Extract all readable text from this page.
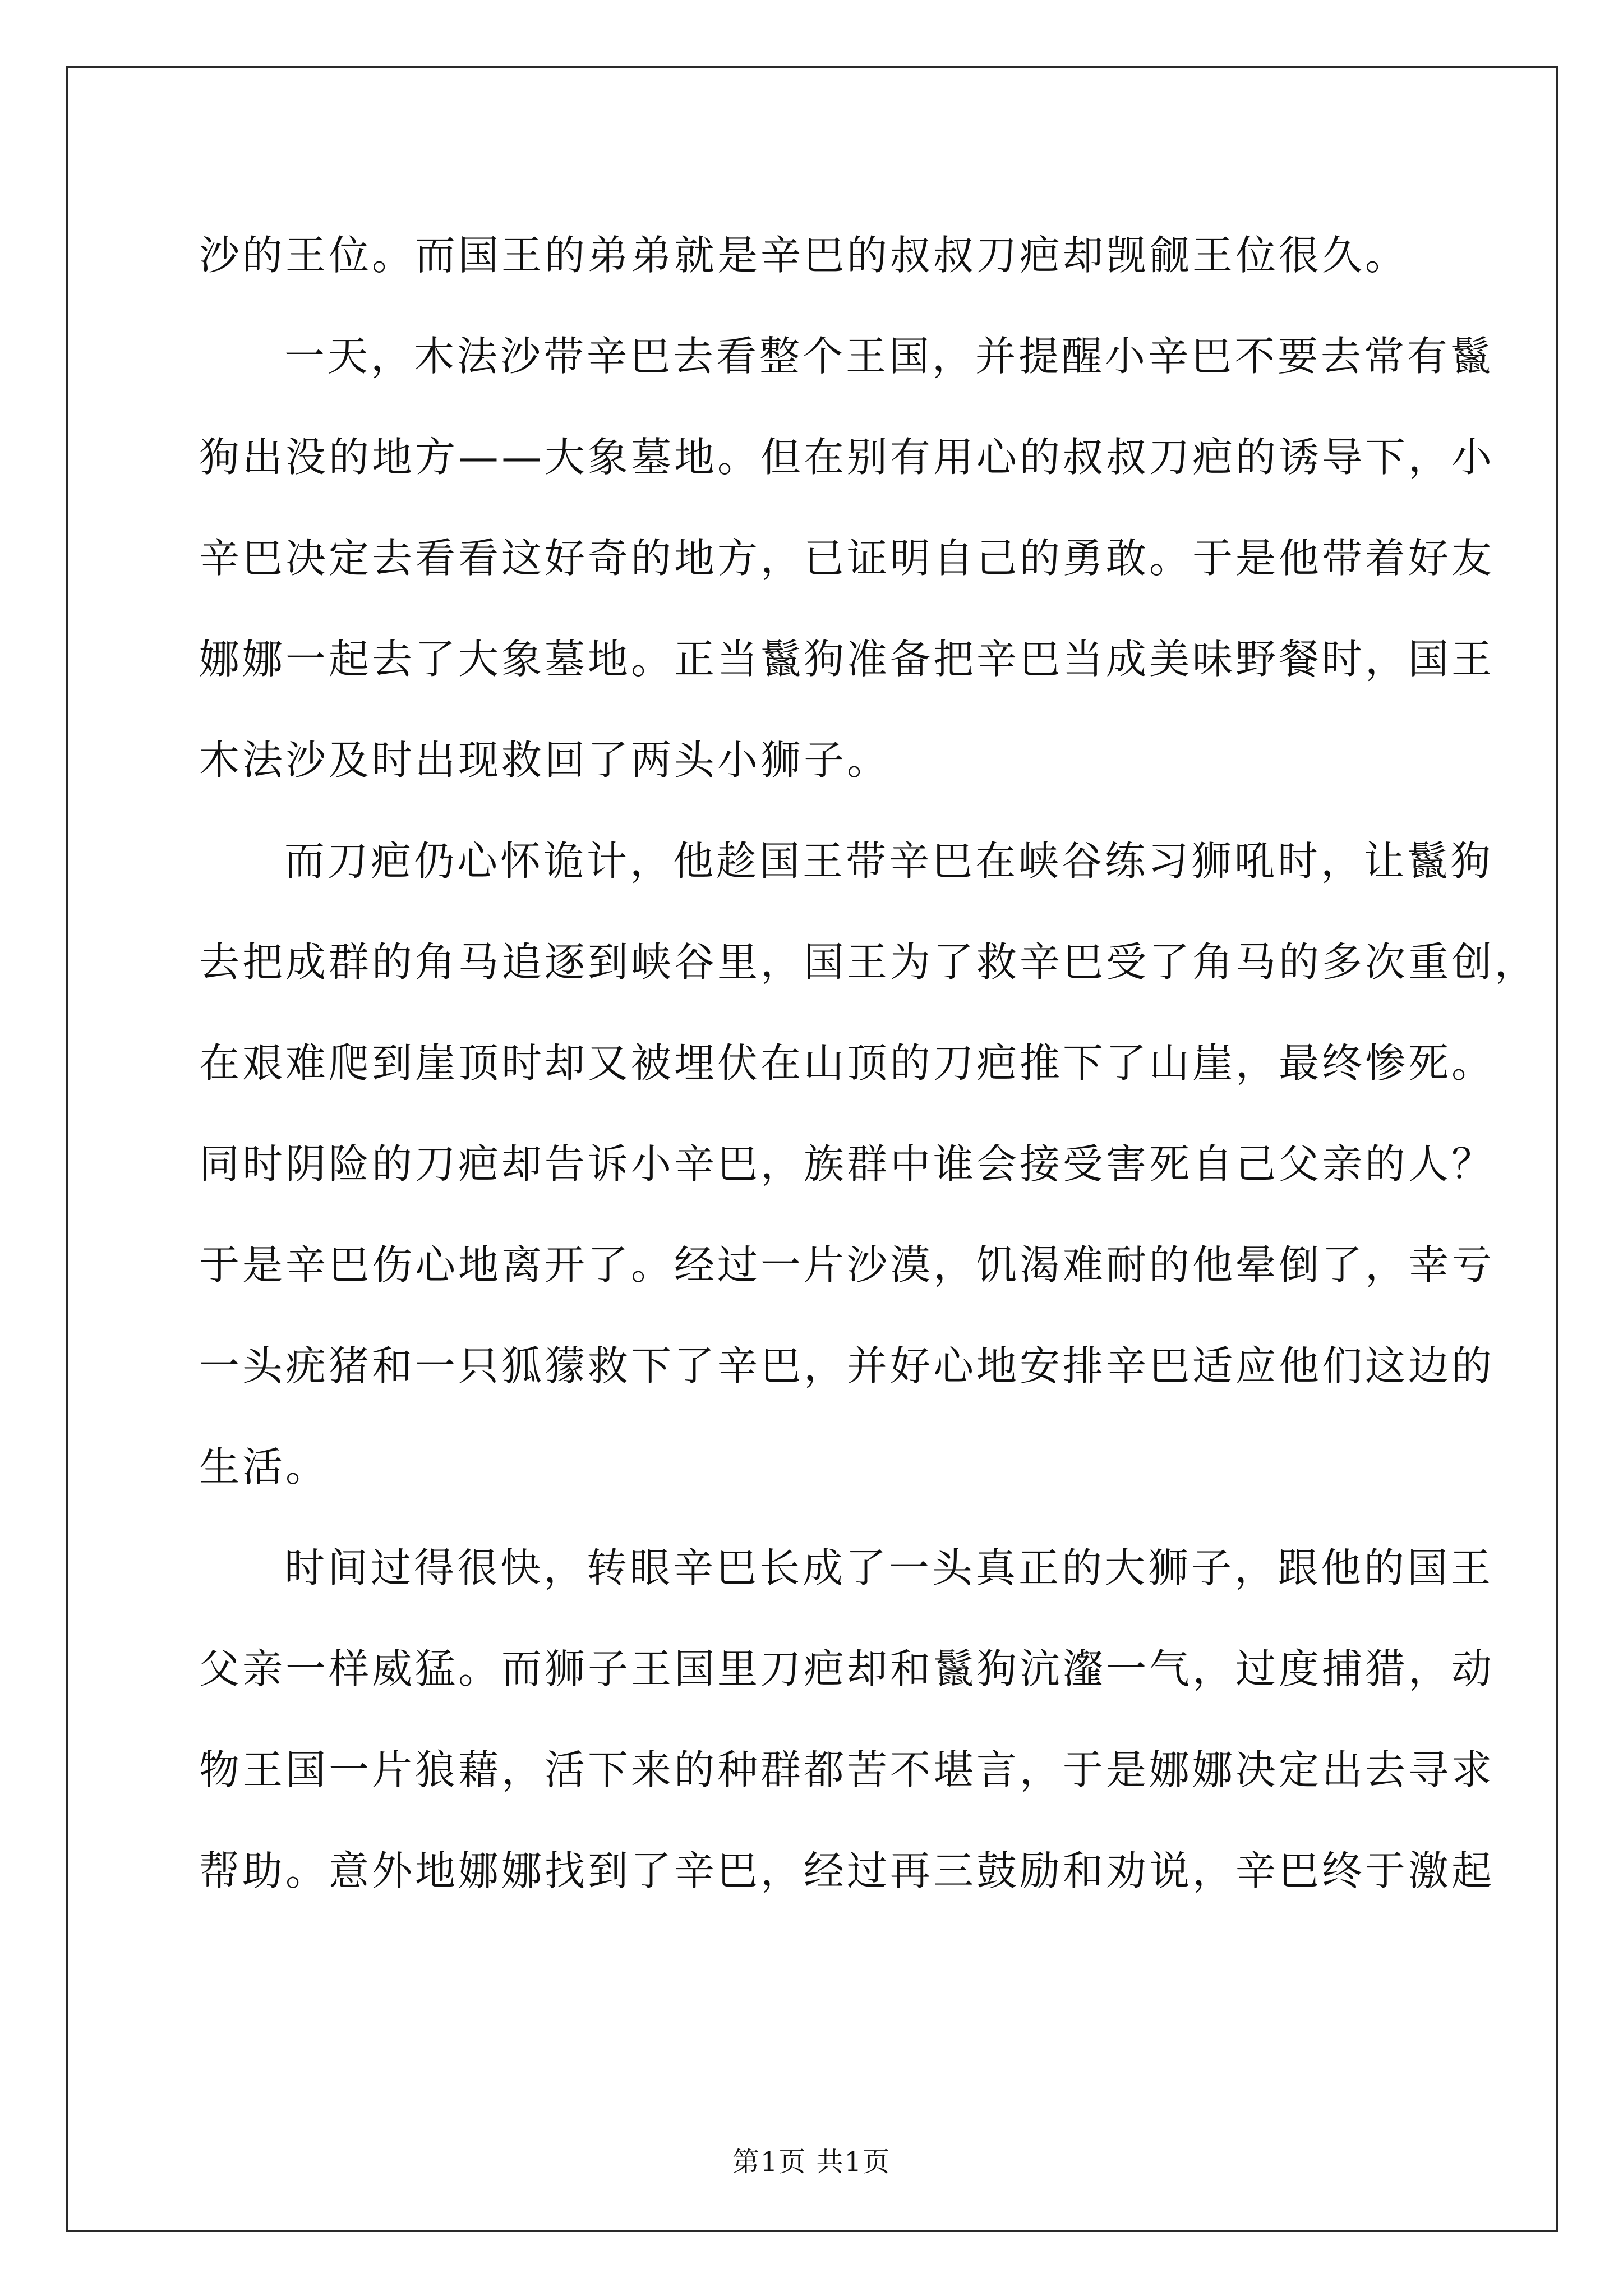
沙的王位。而国王的弟弟就是辛巴的叔叔刀疤却觊觎王位很久。
一天，木法沙带辛巴去看整个王国，并提醒小辛巴不要去常有鬣
狗出没的地方——大象墓地。但在别有用心的叔叔刀疤的诱导下，小
辛巴决定去看看这好奇的地方，已证明自己的勇敢。于是他带着好友
娜娜一起去了大象墓地。正当鬣狗准备把辛巴当成美味野餐时，国王
木法沙及时出现救回了两头小狮子。
而刀疤仍心怀诡计，他趁国王带辛巴在峡谷练习狮吼时，让鬣狗
去把成群的角马追逐到峡谷里，国王为了救辛巴受了角马的多次重创，
在艰难爬到崖顶时却又被埋伏在山顶的刀疤推下了山崖，最终惨死。
同时阴险的刀疤却告诉小辛巴，族群中谁会接受害死自己父亲的人？
于是辛巴伤心地离开了。经过一片沙漠，饥渴难耐的他晕倒了，幸亏
一头疣猪和一只狐獴救下了辛巴，并好心地安排辛巴适应他们这边的
生活。
时间过得很快，转眼辛巴长成了一头真正的大狮子，跟他的国王
父亲一样威猛。而狮子王国里刀疤却和鬣狗沆瀣一气，过度捕猎，动
物王国一片狼藉，活下来的种群都苦不堪言，于是娜娜决定出去寻求
帮助。意外地娜娜找到了辛巴，经过再三鼓励和劝说，辛巴终于激起
第1页 共1页
